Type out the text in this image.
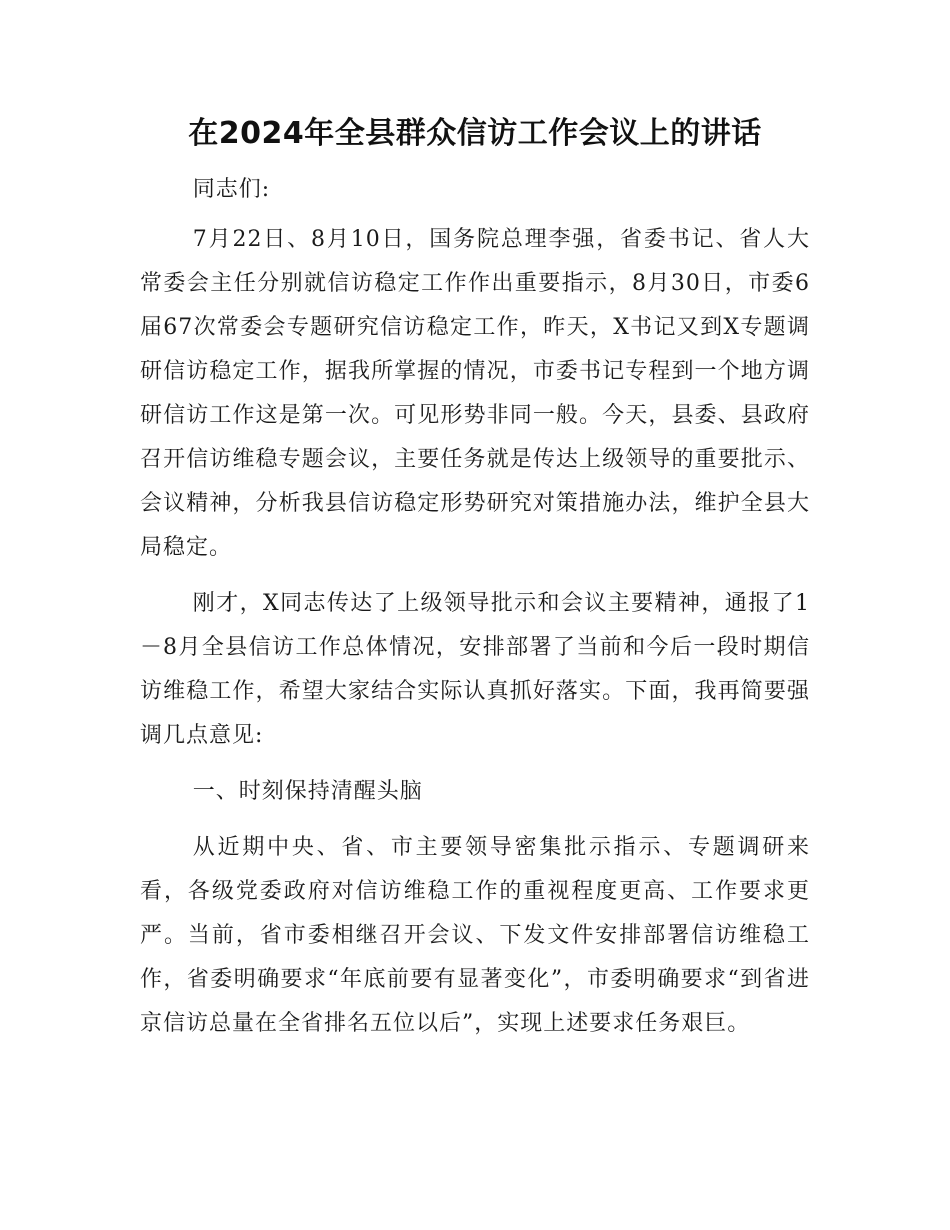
在2024年全县群众信访工作会议上的讲话

同志们:

7月22日、8月10日，国务院总理李强，省委书记、省人大常委会主任分别就信访稳定工作作出重要指示，8月30日，市委6届67次常委会专题研究信访稳定工作，昨天，X书记又到X专题调研信访稳定工作，据我所掌握的情况，市委书记专程到一个地方调研信访工作这是第一次。可见形势非同一般。今天，县委、县政府召开信访维稳专题会议，主要任务就是传达上级领导的重要批示、会议精神，分析我县信访稳定形势研究对策措施办法，维护全县大局稳定。

刚才，X同志传达了上级领导批示和会议主要精神，通报了1－8月全县信访工作总体情况，安排部署了当前和今后一段时期信访维稳工作，希望大家结合实际认真抓好落实。下面，我再简要强调几点意见:

一、时刻保持清醒头脑

从近期中央、省、市主要领导密集批示指示、专题调研来看，各级党委政府对信访维稳工作的重视程度更高、工作要求更严。当前，省市委相继召开会议、下发文件安排部署信访维稳工作，省委明确要求“年底前要有显著变化”，市委明确要求“到省进京信访总量在全省排名五位以后”，实现上述要求任务艰巨。
